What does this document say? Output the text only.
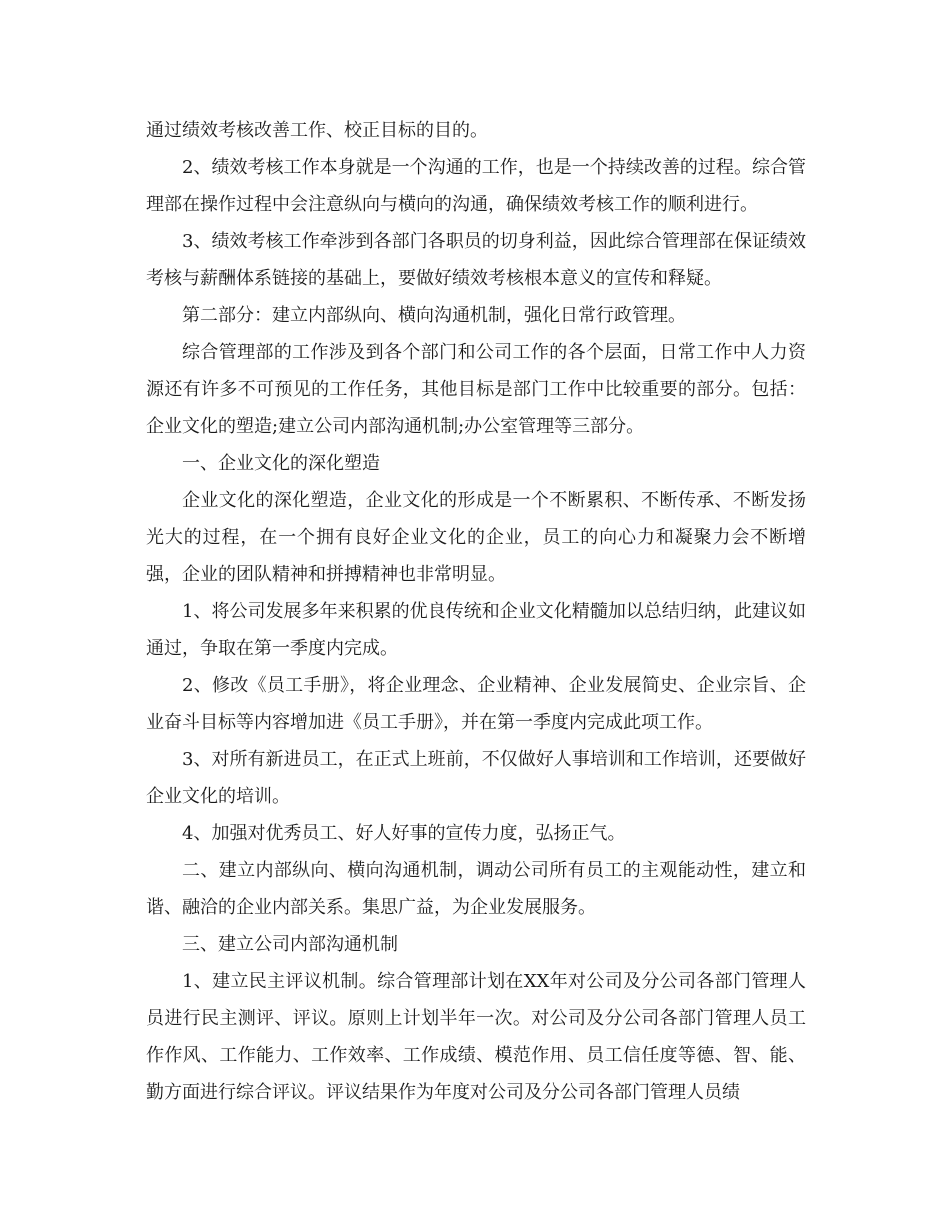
通过绩效考核改善工作、校正目标的目的。

2、绩效考核工作本身就是一个沟通的工作，也是一个持续改善的过程。综合管理部在操作过程中会注意纵向与横向的沟通，确保绩效考核工作的顺利进行。

3、绩效考核工作牵涉到各部门各职员的切身利益，因此综合管理部在保证绩效考核与薪酬体系链接的基础上，要做好绩效考核根本意义的宣传和释疑。

第二部分：建立内部纵向、横向沟通机制，强化日常行政管理。

综合管理部的工作涉及到各个部门和公司工作的各个层面，日常工作中人力资源还有许多不可预见的工作任务，其他目标是部门工作中比较重要的部分。包括：企业文化的塑造;建立公司内部沟通机制;办公室管理等三部分。

一、企业文化的深化塑造

企业文化的深化塑造，企业文化的形成是一个不断累积、不断传承、不断发扬光大的过程，在一个拥有良好企业文化的企业，员工的向心力和凝聚力会不断增强，企业的团队精神和拼搏精神也非常明显。

1、将公司发展多年来积累的优良传统和企业文化精髓加以总结归纳，此建议如通过，争取在第一季度内完成。

2、修改《员工手册》，将企业理念、企业精神、企业发展简史、企业宗旨、企业奋斗目标等内容增加进《员工手册》，并在第一季度内完成此项工作。

3、对所有新进员工，在正式上班前，不仅做好人事培训和工作培训，还要做好企业文化的培训。

4、加强对优秀员工、好人好事的宣传力度，弘扬正气。

二、建立内部纵向、横向沟通机制，调动公司所有员工的主观能动性，建立和谐、融洽的企业内部关系。集思广益，为企业发展服务。

三、建立公司内部沟通机制

1、建立民主评议机制。综合管理部计划在XX年对公司及分公司各部门管理人员进行民主测评、评议。原则上计划半年一次。对公司及分公司各部门管理人员工作作风、工作能力、工作效率、工作成绩、模范作用、员工信任度等德、智、能、勤方面进行综合评议。评议结果作为年度对公司及分公司各部门管理人员绩
